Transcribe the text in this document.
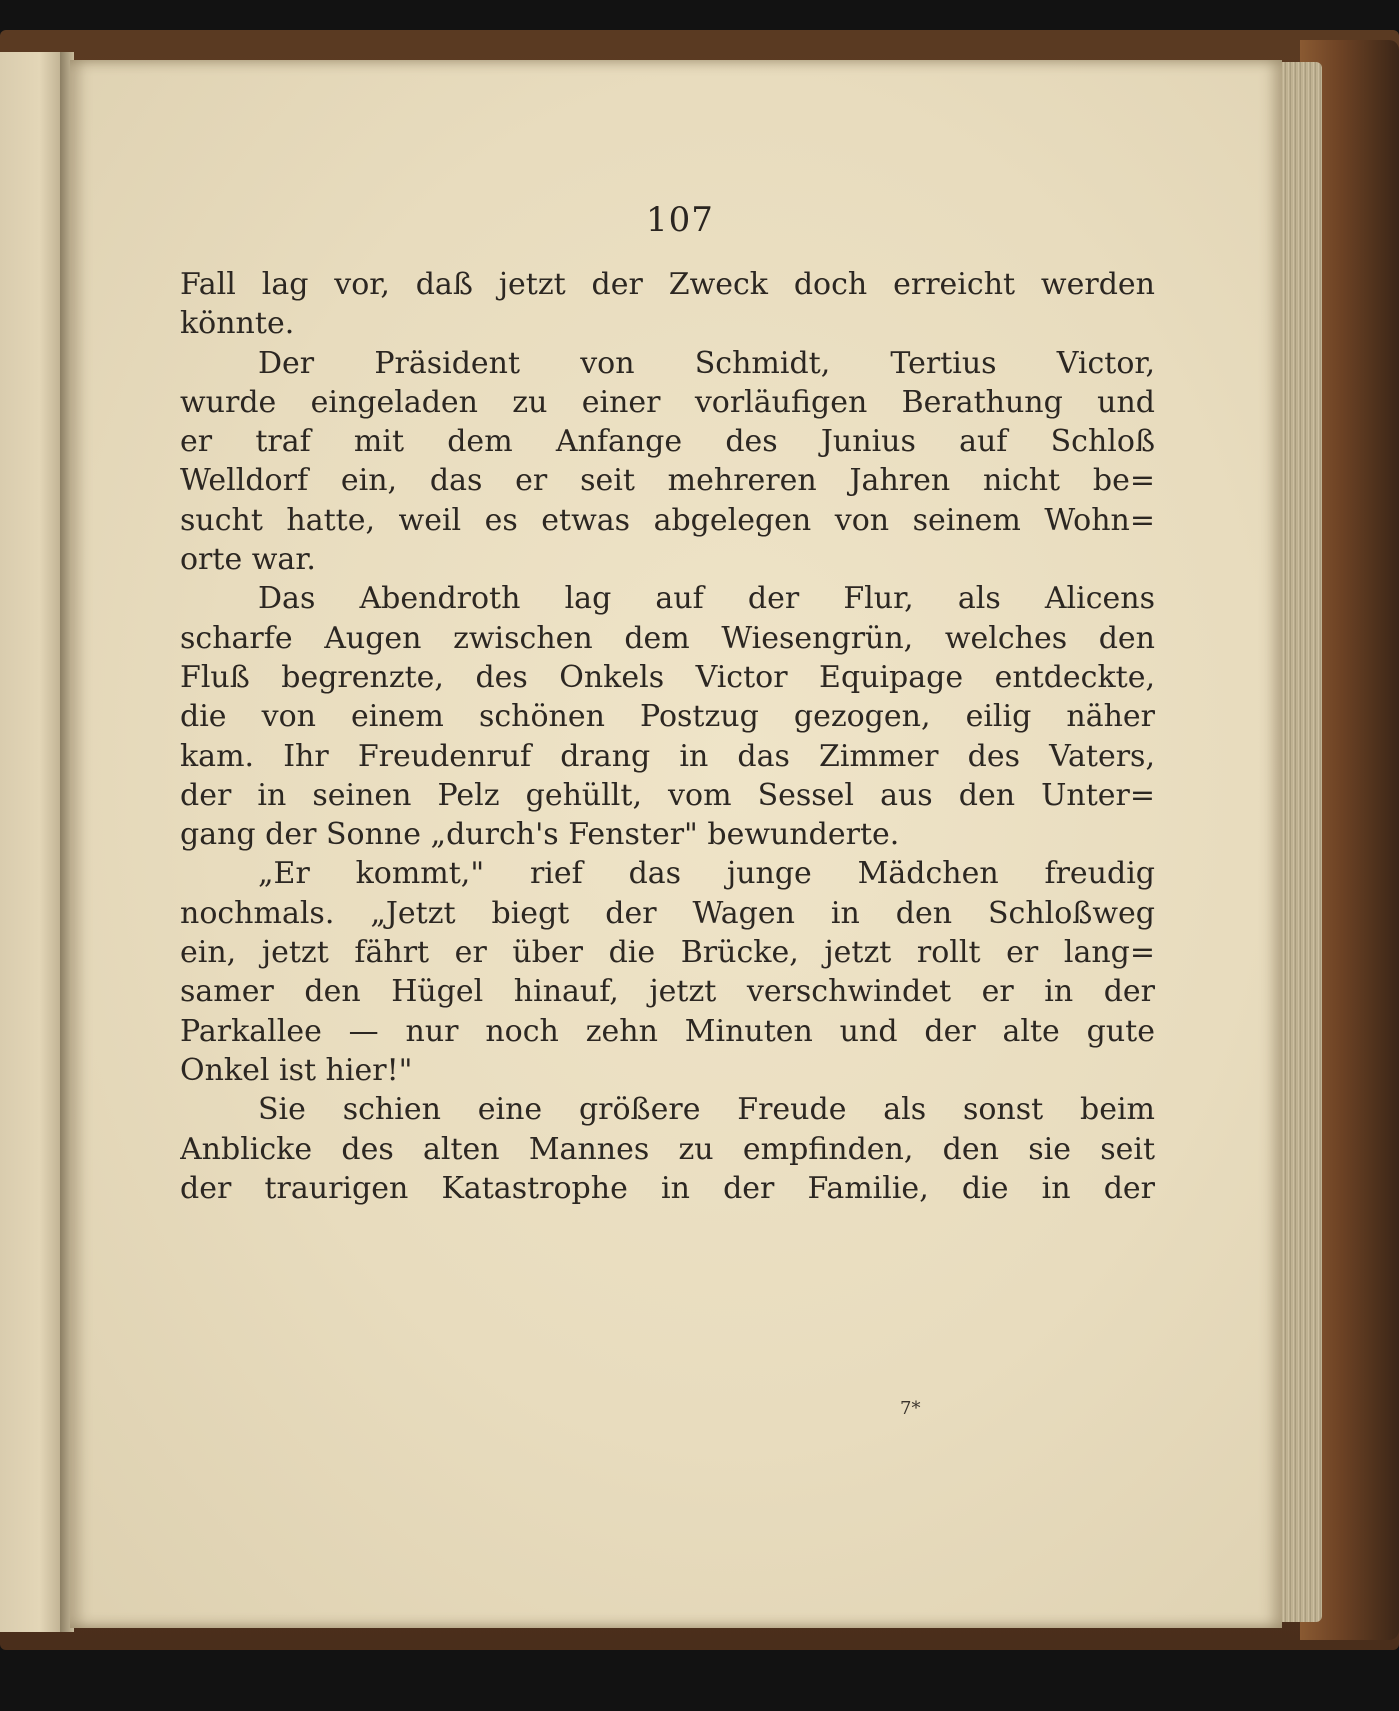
107
Fall lag vor, daß jetzt der Zweck doch erreicht werden
könnte.
Der Präsident von Schmidt, Tertius Victor,
wurde eingeladen zu einer vorläufigen Berathung und
er traf mit dem Anfange des Junius auf Schloß
Welldorf ein, das er seit mehreren Jahren nicht be=
sucht hatte, weil es etwas abgelegen von seinem Wohn=
orte war.
Das Abendroth lag auf der Flur, als Alicens
scharfe Augen zwischen dem Wiesengrün, welches den
Fluß begrenzte, des Onkels Victor Equipage entdeckte,
die von einem schönen Postzug gezogen, eilig näher
kam. Ihr Freudenruf drang in das Zimmer des Vaters,
der in seinen Pelz gehüllt, vom Sessel aus den Unter=
gang der Sonne „durch's Fenster" bewunderte.
„Er kommt," rief das junge Mädchen freudig
nochmals. „Jetzt biegt der Wagen in den Schloßweg
ein, jetzt fährt er über die Brücke, jetzt rollt er lang=
samer den Hügel hinauf, jetzt verschwindet er in der
Parkallee — nur noch zehn Minuten und der alte gute
Onkel ist hier!"
Sie schien eine größere Freude als sonst beim
Anblicke des alten Mannes zu empfinden, den sie seit
der traurigen Katastrophe in der Familie, die in der
7*
